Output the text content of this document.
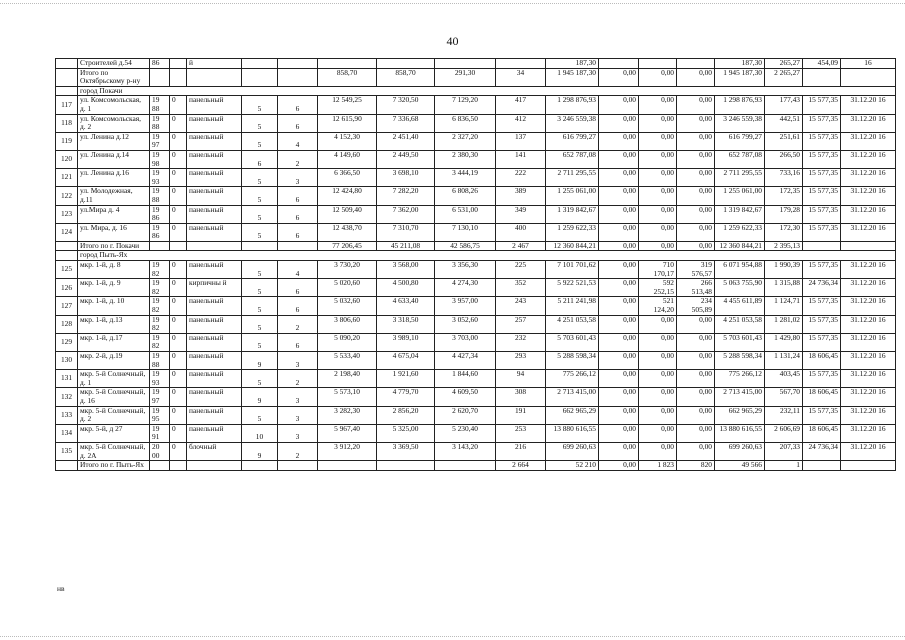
40
	Строителей д.54	86		й							187,30				187,30	265,27	454,09	16
	Итого по Октябрьскому р-ну						858,70	858,70	291,30	34	1 945 187,30	0,00	0,00	0,00	1 945 187,30	2 265,27		
	город Покачи																	
117	ул. Комсомольская, д. 1	19 88	0	панельный	5	6	12 549,25	7 320,50	7 129,20	417	1 298 876,93	0,00	0,00	0,00	1 298 876,93	177,43	15 577,35	31.12.20 16
118	ул. Комсомольская, д. 2	19 88	0	панельный	5	6	12 615,90	7 336,68	6 836,50	412	3 246 559,38	0,00	0,00	0,00	3 246 559,38	442,51	15 577,35	31.12.20 16
119	ул. Ленина д.12	19 97	0	панельный	5	4	4 152,30	2 451,40	2 327,20	137	616 799,27	0,00	0,00	0,00	616 799,27	251,61	15 577,35	31.12.20 16
120	ул. Ленина д.14	19 98	0	панельный	6	2	4 149,60	2 449,50	2 380,30	141	652 787,08	0,00	0,00	0,00	652 787,08	266,50	15 577,35	31.12.20 16
121	ул. Ленина д.16	19 93	0	панельный	5	3	6 366,50	3 698,10	3 444,19	222	2 711 295,55	0,00	0,00	0,00	2 711 295,55	733,16	15 577,35	31.12.20 16
122	ул. Молодежная, д.11	19 88	0	панельный	5	6	12 424,80	7 282,20	6 808,26	389	1 255 061,00	0,00	0,00	0,00	1 255 061,00	172,35	15 577,35	31.12.20 16
123	ул.Мира д. 4	19 86	0	панельный	5	6	12 509,40	7 362,00	6 531,00	349	1 319 842,67	0,00	0,00	0,00	1 319 842,67	179,28	15 577,35	31.12.20 16
124	ул. Мира, д. 16	19 86	0	панельный	5	6	12 438,70	7 310,70	7 130,10	400	1 259 622,33	0,00	0,00	0,00	1 259 622,33	172,30	15 577,35	31.12.20 16
	Итого по г. Покачи						77 206,45	45 211,08	42 586,75	2 467	12 360 844,21	0,00	0,00	0,00	12 360 844,21	2 395,13		
	город Пыть-Ях																	
125	мкр. 1-й, д. 8	19 82	0	панельный	5	4	3 730,20	3 568,00	3 356,30	225	7 101 701,62	0,00	710 170,17	319 576,57	6 071 954,88	1 990,39	15 577,35	31.12.20 16
126	мкр. 1-й, д. 9	19 82	0	кирпичны й	5	6	5 020,60	4 500,80	4 274,30	352	5 922 521,53	0,00	592 252,15	266 513,48	5 063 755,90	1 315,88	24 736,34	31.12.20 16
127	мкр. 1-й, д. 10	19 82	0	панельный	5	6	5 032,60	4 633,40	3 957,00	243	5 211 241,98	0,00	521 124,20	234 505,89	4 455 611,89	1 124,71	15 577,35	31.12.20 16
128	мкр. 1-й, д.13	19 82	0	панельный	5	2	3 806,60	3 318,50	3 052,60	257	4 251 053,58	0,00	0,00	0,00	4 251 053,58	1 281,02	15 577,35	31.12.20 16
129	мкр. 1-й, д.17	19 82	0	панельный	5	6	5 090,20	3 989,10	3 703,00	232	5 703 601,43	0,00	0,00	0,00	5 703 601,43	1 429,80	15 577,35	31.12.20 16
130	мкр. 2-й, д.19	19 88	0	панельный	9	3	5 533,40	4 675,04	4 427,34	293	5 288 598,34	0,00	0,00	0,00	5 288 598,34	1 131,24	18 606,45	31.12.20 16
131	мкр. 5-й Солнечный, д. 1	19 93	0	панельный	5	2	2 198,40	1 921,60	1 844,60	94	775 266,12	0,00	0,00	0,00	775 266,12	403,45	15 577,35	31.12.20 16
132	мкр. 5-й Солнечный, д. 16	19 97	0	панельный	9	3	5 573,10	4 779,70	4 609,50	308	2 713 415,00	0,00	0,00	0,00	2 713 415,00	567,70	18 606,45	31.12.20 16
133	мкр. 5-й Солнечный, д. 2	19 95	0	панельный	5	3	3 282,30	2 856,20	2 620,70	191	662 965,29	0,00	0,00	0,00	662 965,29	232,11	15 577,35	31.12.20 16
134	мкр. 5-й, д 27	19 91	0	панельный	10	3	5 967,40	5 325,00	5 230,40	253	13 880 616,55	0,00	0,00	0,00	13 880 616,55	2 606,69	18 606,45	31.12.20 16
135	мкр. 5-й Солнечный, д. 2А	20 00	0	блочный	9	2	3 912,20	3 369,50	3 143,20	216	699 260,63	0,00	0,00	0,00	699 260,63	207,33	24 736,34	31.12.20 16
	Итого по г. Пыть-Ях									2 664	52 210	0,00	1 823	820	49 566	1		
нв
